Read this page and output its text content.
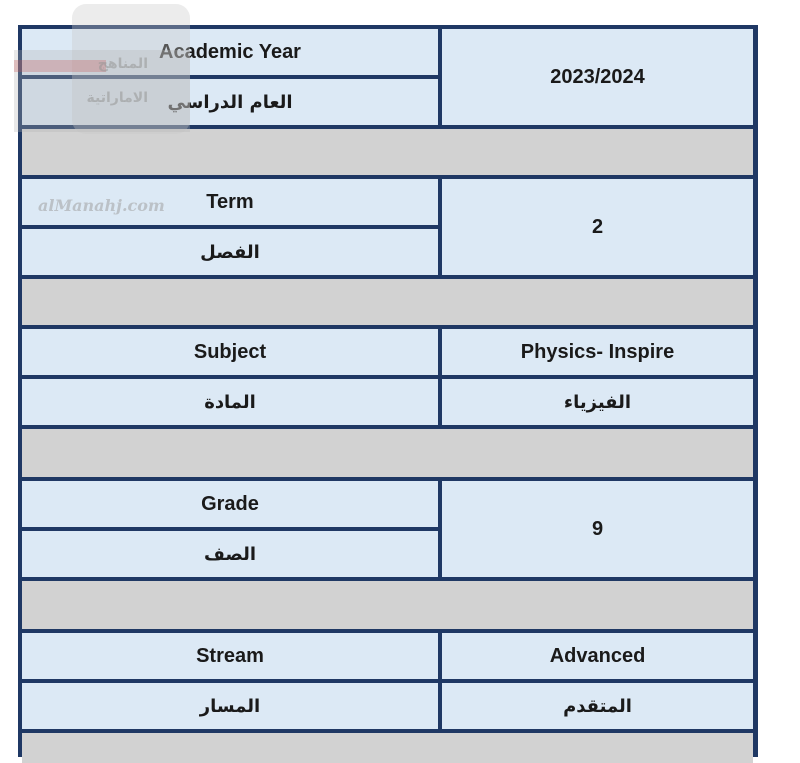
المناهج
الاماراتية
alManahj.com
Academic Year
العام الدراسي
2023/2024
Term
الفصل
2
Subject
المادة
Physics- Inspire
الفيزياء
Grade
الصف
9
Stream
المسار
Advanced
المتقدم
